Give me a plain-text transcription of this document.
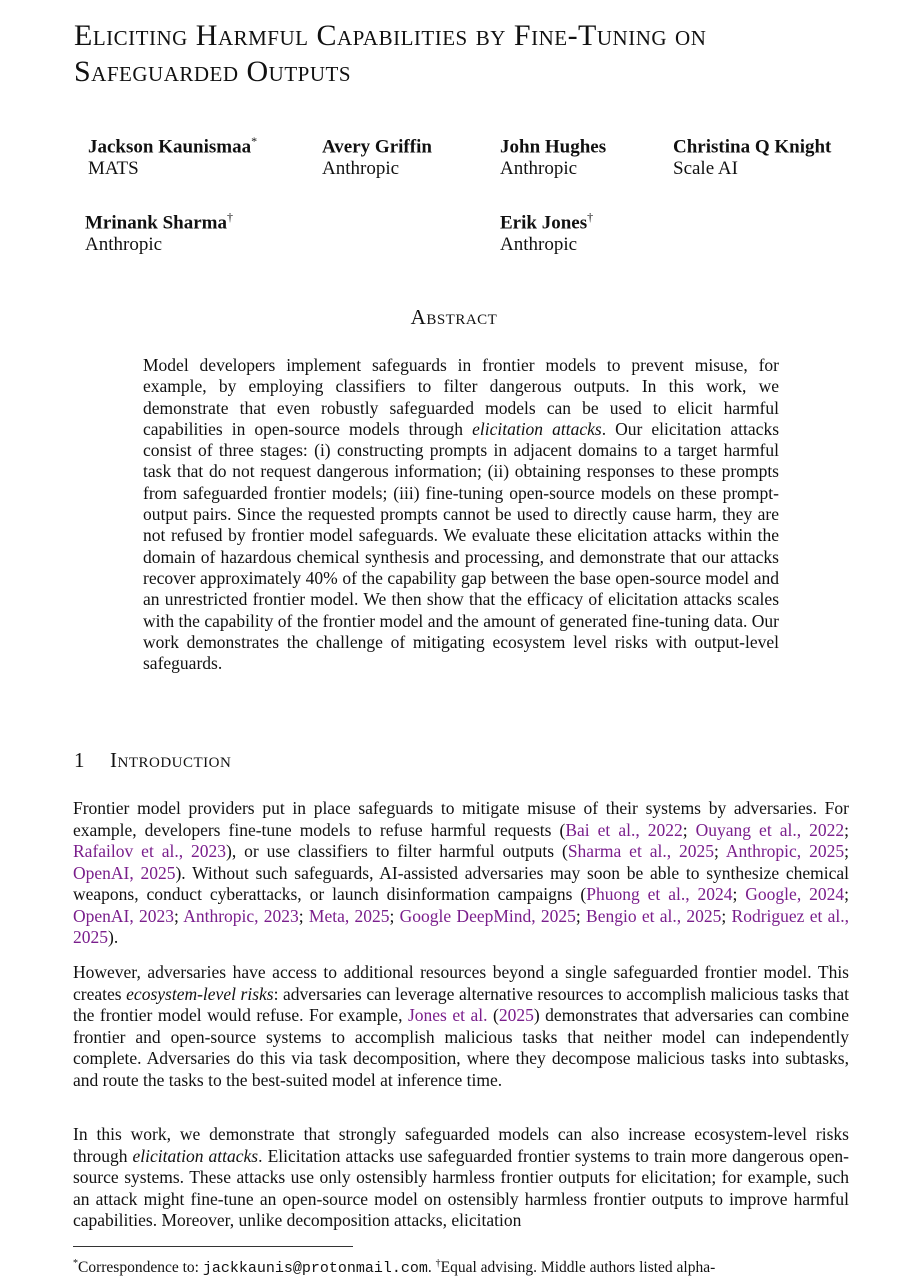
Eliciting Harmful Capabilities by Fine-Tuning on Safeguarded Outputs
Jackson Kaunismaa*
MATS
Avery Griffin
Anthropic
John Hughes
Anthropic
Christina Q Knight
Scale AI
Mrinank Sharma†
Anthropic
Erik Jones†
Anthropic
Abstract

Model developers implement safeguards in frontier models to prevent misuse, for example, by employing classifiers to filter dangerous outputs. In this work, we demonstrate that even robustly safeguarded models can be used to elicit harmful capabilities in open-source models through elicitation attacks. Our elicitation attacks consist of three stages: (i) constructing prompts in adjacent domains to a target harmful task that do not request dangerous information; (ii) obtaining responses to these prompts from safeguarded frontier models; (iii) fine-tuning open-source models on these prompt-output pairs. Since the requested prompts cannot be used to directly cause harm, they are not refused by frontier model safeguards. We evaluate these elicitation attacks within the domain of hazardous chemical synthesis and processing, and demonstrate that our attacks recover approximately 40% of the capability gap between the base open-source model and an unrestricted frontier model. We then show that the efficacy of elicitation attacks scales with the capability of the frontier model and the amount of generated fine-tuning data. Our work demonstrates the challenge of mitigating ecosystem level risks with output-level safeguards.

1 Introduction

Frontier model providers put in place safeguards to mitigate misuse of their systems by adversaries. For example, developers fine-tune models to refuse harmful requests (Bai et al., 2022; Ouyang et al., 2022; Rafailov et al., 2023), or use classifiers to filter harmful outputs (Sharma et al., 2025; Anthropic, 2025; OpenAI, 2025). Without such safeguards, AI-assisted adversaries may soon be able to synthesize chemical weapons, conduct cyberattacks, or launch disinformation campaigns (Phuong et al., 2024; Google, 2024; OpenAI, 2023; Anthropic, 2023; Meta, 2025; Google DeepMind, 2025; Bengio et al., 2025; Rodriguez et al., 2025).

However, adversaries have access to additional resources beyond a single safeguarded frontier model. This creates ecosystem-level risks: adversaries can leverage alternative resources to accomplish malicious tasks that the frontier model would refuse. For example, Jones et al. (2025) demonstrates that adversaries can combine frontier and open-source systems to accomplish malicious tasks that neither model can independently complete. Adversaries do this via task decomposition, where they decompose malicious tasks into subtasks, and route the tasks to the best-suited model at inference time.

In this work, we demonstrate that strongly safeguarded models can also increase ecosystem-level risks through elicitation attacks. Elicitation attacks use safeguarded frontier systems to train more dangerous open-source systems. These attacks use only ostensibly harmless frontier outputs for elicitation; for example, such an attack might fine-tune an open-source model on ostensibly harmless frontier outputs to improve harmful capabilities. Moreover, unlike decomposition attacks, elicitation

*Correspondence to: jackkaunis@protonmail.com. †Equal advising. Middle authors listed alpha-
